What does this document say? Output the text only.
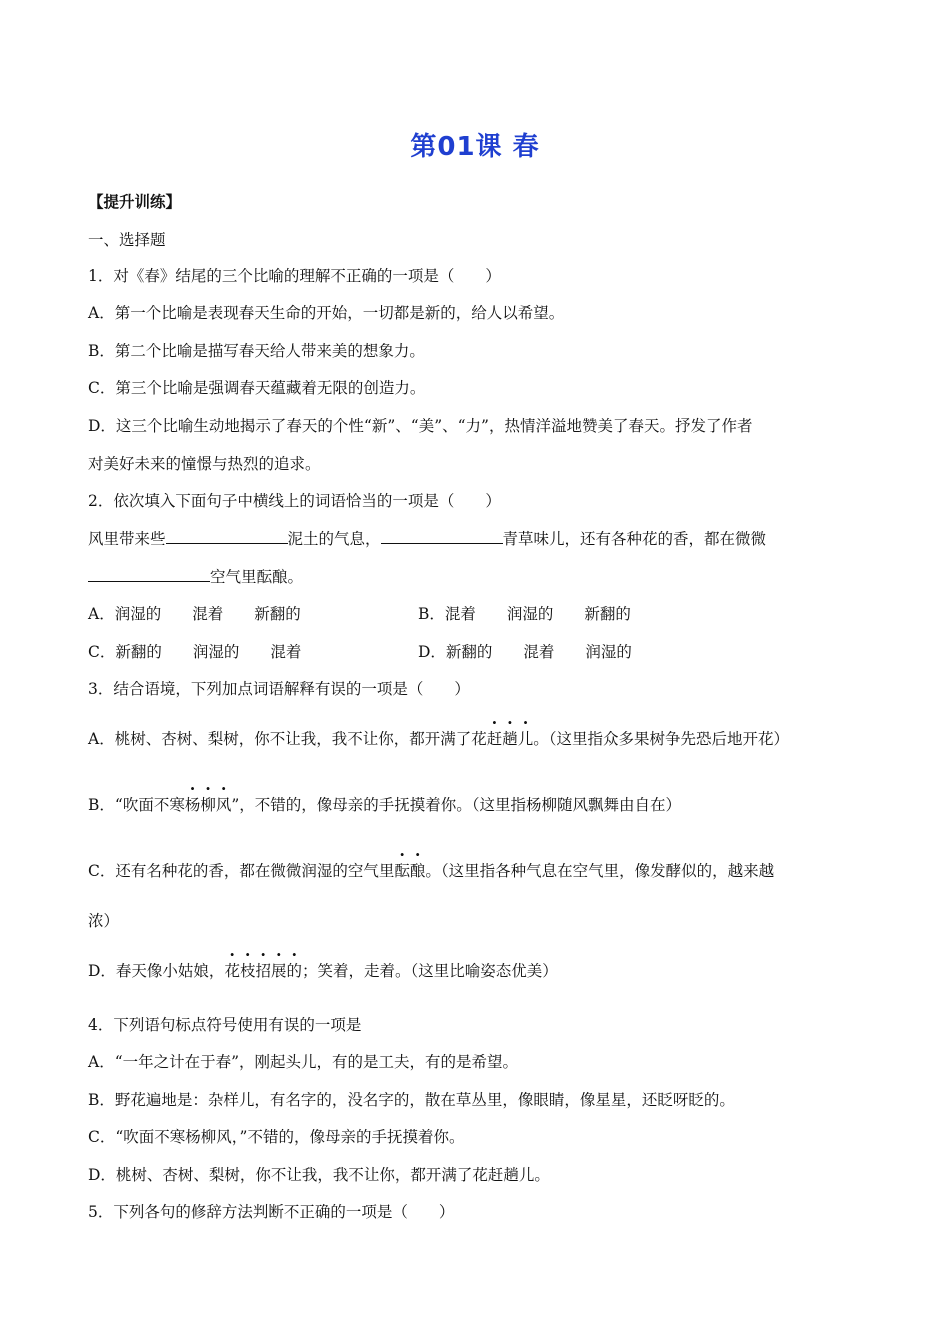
第01课 春
【提升训练】
一、选择题
1．对《春》结尾的三个比喻的理解不正确的一项是（　　）
A．第一个比喻是表现春天生命的开始，一切都是新的，给人以希望。
B．第二个比喻是描写春天给人带来美的想象力。
C．第三个比喻是强调春天蕴藏着无限的创造力。
D．这三个比喻生动地揭示了春天的个性“新”、“美”、“力”，热情洋溢地赞美了春天。抒发了作者
对美好未来的憧憬与热烈的追求。
2．依次填入下面句子中横线上的词语恰当的一项是（　　）
风里带来些	泥土的气息，	青草味儿，还有各种花的香，都在微微
空气里酝酿。
A．润湿的　　混着　　新翻的	B．混着　　润湿的　　新翻的
C．新翻的　　润湿的　　混着	D．新翻的　　混着　　润湿的
3．结合语境，下列加点词语解释有误的一项是（　　）
A．桃树、杏树、梨树，你不让我，我不让你，都开满了花赶趟儿。（这里指众多果树争先恐后地开花）
B．“吹面不寒杨柳风”，不错的，像母亲的手抚摸着你。（这里指杨柳随风飘舞由自在）
C．还有名种花的香，都在微微润湿的空气里酝酿。（这里指各种气息在空气里，像发酵似的，越来越
浓）
D．春天像小姑娘，花枝招展的；笑着，走着。（这里比喻姿态优美）
4．下列语句标点符号使用有误的一项是
A．“一年之计在于春”，刚起头儿，有的是工夫，有的是希望。
B．野花遍地是：杂样儿，有名字的，没名字的，散在草丛里，像眼睛，像星星，还眨呀眨的。
C．“吹面不寒杨柳风，”不错的，像母亲的手抚摸着你。
D．桃树、杏树、梨树，你不让我，我不让你，都开满了花赶趟儿。
5．下列各句的修辞方法判断不正确的一项是（　　）
